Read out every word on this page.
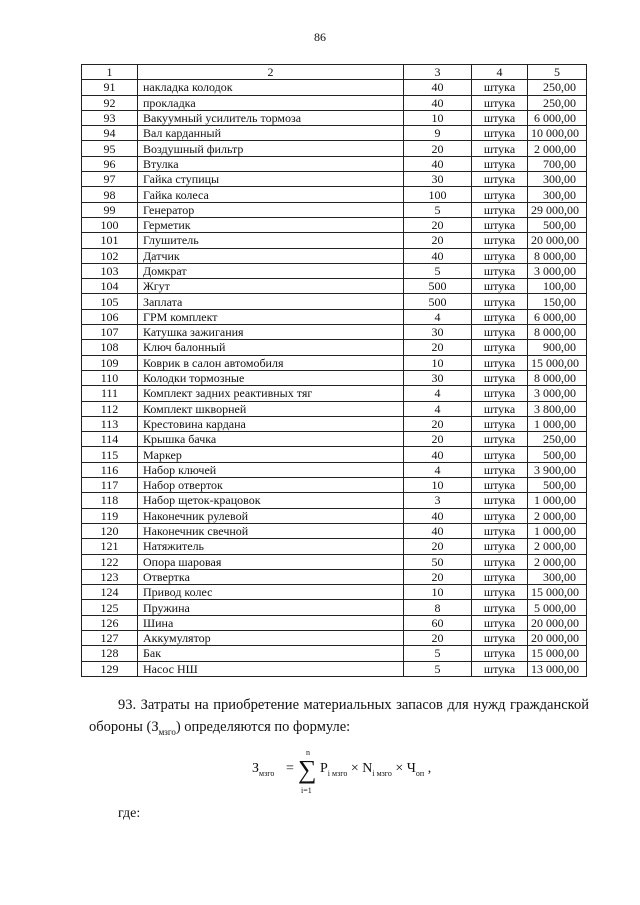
86
1	2	3	4	5
91	накладка колодок	40	штука	250,00
92	прокладка	40	штука	250,00
93	Вакуумный усилитель тормоза	10	штука	6 000,00
94	Вал карданный	9	штука	10 000,00
95	Воздушный фильтр	20	штука	2 000,00
96	Втулка	40	штука	700,00
97	Гайка ступицы	30	штука	300,00
98	Гайка колеса	100	штука	300,00
99	Генератор	5	штука	29 000,00
100	Герметик	20	штука	500,00
101	Глушитель	20	штука	20 000,00
102	Датчик	40	штука	8 000,00
103	Домкрат	5	штука	3 000,00
104	Жгут	500	штука	100,00
105	Заплата	500	штука	150,00
106	ГРМ комплект	4	штука	6 000,00
107	Катушка зажигания	30	штука	8 000,00
108	Ключ балонный	20	штука	900,00
109	Коврик в салон автомобиля	10	штука	15 000,00
110	Колодки тормозные	30	штука	8 000,00
111	Комплект задних реактивных тяг	4	штука	3 000,00
112	Комплект шкворней	4	штука	3 800,00
113	Крестовина кардана	20	штука	1 000,00
114	Крышка бачка	20	штука	250,00
115	Маркер	40	штука	500,00
116	Набор ключей	4	штука	3 900,00
117	Набор отверток	10	штука	500,00
118	Набор щеток-крацовок	3	штука	1 000,00
119	Наконечник рулевой	40	штука	2 000,00
120	Наконечник свечной	40	штука	1 000,00
121	Натяжитель	20	штука	2 000,00
122	Опора шаровая	50	штука	2 000,00
123	Отвертка	20	штука	300,00
124	Привод колес	10	штука	15 000,00
125	Пружина	8	штука	5 000,00
126	Шина	60	штука	20 000,00
127	Аккумулятор	20	штука	20 000,00
128	Бак	5	штука	15 000,00
129	Насос НШ	5	штука	13 000,00
93. Затраты на приобретение материальных запасов для нужд гражданской обороны $(З_{мзго})$ определяются по формуле:
$З_{мзго}$ =
n
∑
i=1
$P_{i мзго} \times N_{i мзго} \times Ч_{оп}$ ,
где:
